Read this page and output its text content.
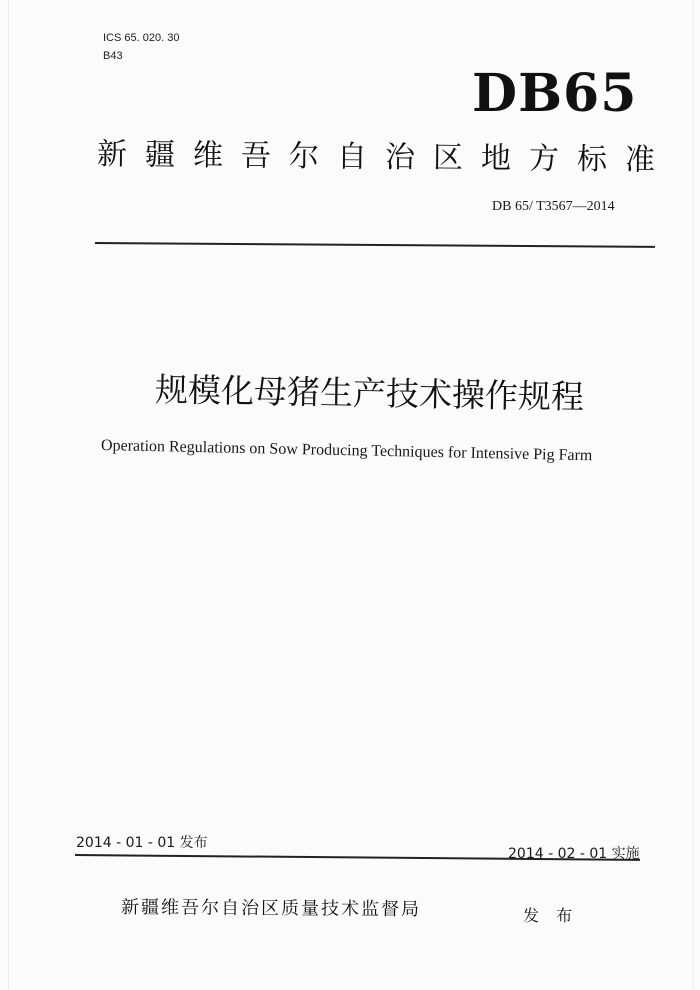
ICS 65. 020. 30
B43
DB65
新疆维吾尔自治区地方标准
DB 65/ T3567—2014
规模化母猪生产技术操作规程
Operation Regulations on Sow Producing Techniques for Intensive Pig Farm
2014 - 01 - 01 发布
2014 - 02 - 01 实施
新疆维吾尔自治区质量技术监督局	发 布
